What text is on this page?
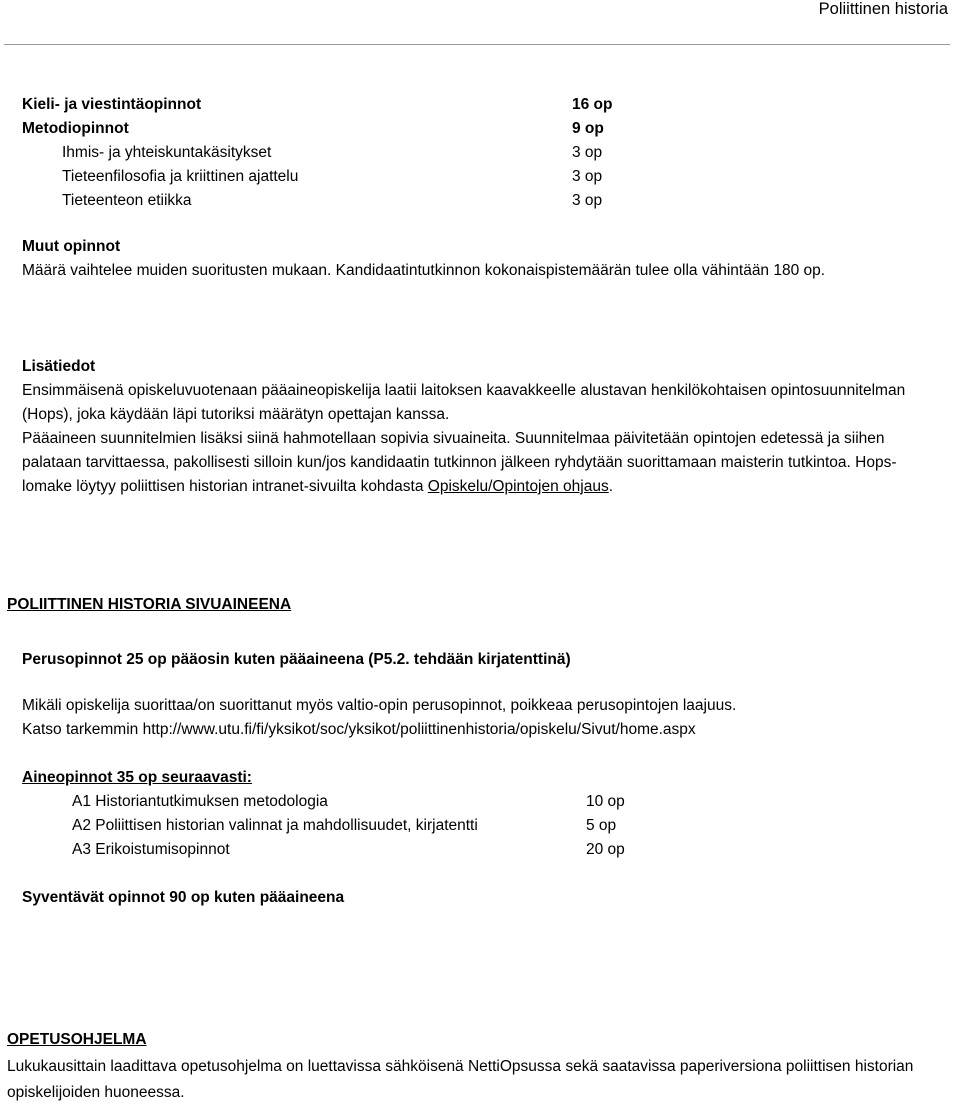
Poliittinen historia
Kieli- ja viestintäopinnot	16 op
Metodiopinnot	9 op
Ihmis- ja yhteiskuntakäsitykset	3 op
Tieteenfilosofia ja kriittinen ajattelu	3 op
Tieteenteon etiikka	3 op
Muut opinnot
Määrä vaihtelee muiden suoritusten mukaan. Kandidaatintutkinnon kokonaispistemäärän tulee olla vähintään 180 op.
Lisätiedot
Ensimmäisenä opiskeluvuotenaan pääaineopiskelija laatii laitoksen kaavakkeelle alustavan henkilökohtaisen opintosuunnitelman (Hops), joka käydään läpi tutoriksi määrätyn opettajan kanssa.
Pääaineen suunnitelmien lisäksi siinä hahmotellaan sopivia sivuaineita. Suunnitelmaa päivitetään opintojen edetessä ja siihen palataan tarvittaessa, pakollisesti silloin kun/jos kandidaatin tutkinnon jälkeen ryhdytään suorittamaan maisterin tutkintoa. Hops-lomake löytyy poliittisen historian intranet-sivuilta kohdasta Opiskelu/Opintojen ohjaus.
POLIITTINEN HISTORIA SIVUAINEENA
Perusopinnot 25 op pääosin kuten pääaineena (P5.2. tehdään kirjatenttinä)
Mikäli opiskelija suorittaa/on suorittanut myös valtio-opin perusopinnot, poikkeaa perusopintojen laajuus.
Katso tarkemmin http://www.utu.fi/fi/yksikot/soc/yksikot/poliittinenhistoria/opiskelu/Sivut/home.aspx
Aineopinnot 35 op seuraavasti:
A1 Historiantutkimuksen metodologia	10 op
A2 Poliittisen historian valinnat ja mahdollisuudet, kirjatentti	5 op
A3 Erikoistumisopinnot	20 op
Syventävät opinnot 90 op kuten pääaineena
OPETUSOHJELMA
Lukukausittain laadittava opetusohjelma on luettavissa sähköisenä NettiOpsussa sekä saatavissa paperiversiona poliittisen historian opiskelijoiden huoneessa.
